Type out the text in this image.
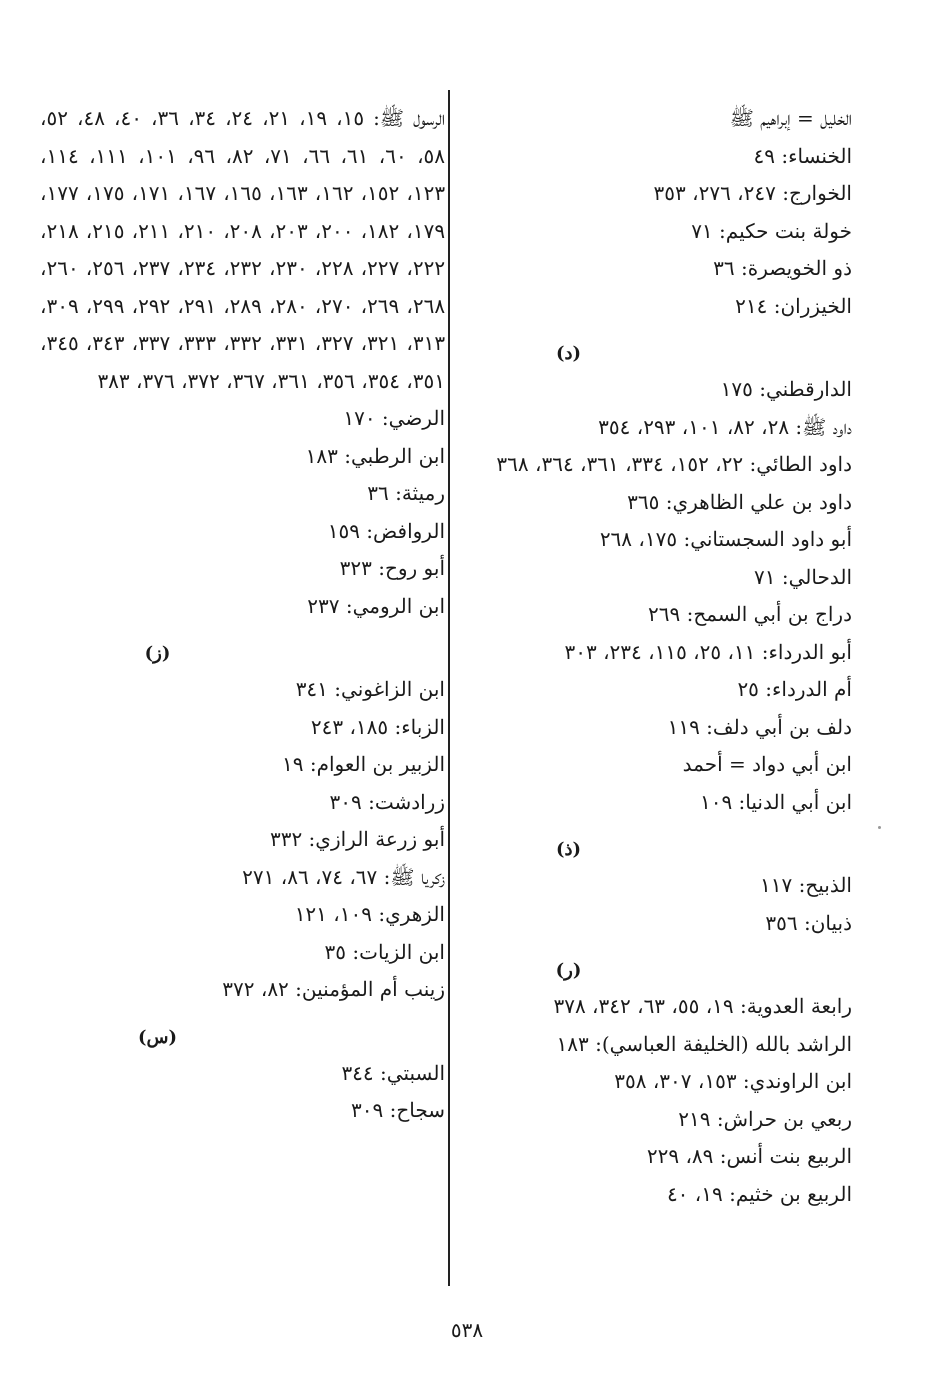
الخليل = إبراهيم ﷺ
الخنساء: ٤٩
الخوارج: ٢٤٧، ٢٧٦، ٣٥٣
خولة بنت حكيم: ٧١
ذو الخويصرة: ٣٦
الخيزران: ٢١٤
(د)
الدارقطني: ١٧٥
داود ﷺ: ٢٨، ٨٢، ١٠١، ٢٩٣، ٣٥٤
داود الطائي: ٢٢، ١٥٢، ٣٣٤، ٣٦١، ٣٦٤، ٣٦٨
داود بن علي الظاهري: ٣٦٥
أبو داود السجستاني: ١٧٥، ٢٦٨
الدحالي: ٧١
دراج بن أبي السمح: ٢٦٩
أبو الدرداء: ١١، ٢٥، ١١٥، ٢٣٤، ٣٠٣
أم الدرداء: ٢٥
دلف بن أبي دلف: ١١٩
ابن أبي دواد = أحمد
ابن أبي الدنيا: ١٠٩
(ذ)
الذبيح: ١١٧
ذبيان: ٣٥٦
(ر)
رابعة العدوية: ١٩، ٥٥، ٦٣، ٣٤٢، ٣٧٨
الراشد بالله (الخليفة العباسي): ١٨٣
ابن الراوندي: ١٥٣، ٣٠٧، ٣٥٨
ربعي بن حراش: ٢١٩
الربيع بنت أنس: ٨٩، ٢٢٩
الربيع بن خثيم: ١٩، ٤٠
الرسول ﷺ: ١٥، ١٩، ٢١، ٢٤، ٣٤، ٣٦، ٤٠، ٤٨، ٥٢، ٥٨، ٦٠، ٦١، ٦٦، ٧١، ٨٢، ٩٦، ١٠١، ١١١، ١١٤، ١٢٣، ١٥٢، ١٦٢، ١٦٣، ١٦٥، ١٦٧، ١٧١، ١٧٥، ١٧٧، ١٧٩، ١٨٢، ٢٠٠، ٢٠٣، ٢٠٨، ٢١٠، ٢١١، ٢١٥، ٢١٨، ٢٢٢، ٢٢٧، ٢٢٨، ٢٣٠، ٢٣٢، ٢٣٤، ٢٣٧، ٢٥٦، ٢٦٠، ٢٦٨، ٢٦٩، ٢٧٠، ٢٨٠، ٢٨٩، ٢٩١، ٢٩٢، ٢٩٩، ٣٠٩، ٣١٣، ٣٢١، ٣٢٧، ٣٣١، ٣٣٢، ٣٣٣، ٣٣٧، ٣٤٣، ٣٤٥، ٣٥١، ٣٥٤، ٣٥٦، ٣٦١، ٣٦٧، ٣٧٢، ٣٧٦، ٣٨٣
الرضي: ١٧٠
ابن الرطبي: ١٨٣
رميثة: ٣٦
الروافض: ١٥٩
أبو روح: ٣٢٣
ابن الرومي: ٢٣٧
(ز)
ابن الزاغوني: ٣٤١
الزباء: ١٨٥، ٢٤٣
الزبير بن العوام: ١٩
زرادشت: ٣٠٩
أبو زرعة الرازي: ٣٣٢
زكريا ﷺ: ٦٧، ٧٤، ٨٦، ٢٧١
الزهري: ١٠٩، ١٢١
ابن الزيات: ٣٥
زينب أم المؤمنين: ٨٢، ٣٧٢
(س)
السبتي: ٣٤٤
سجاح: ٣٠٩
٥٣٨
